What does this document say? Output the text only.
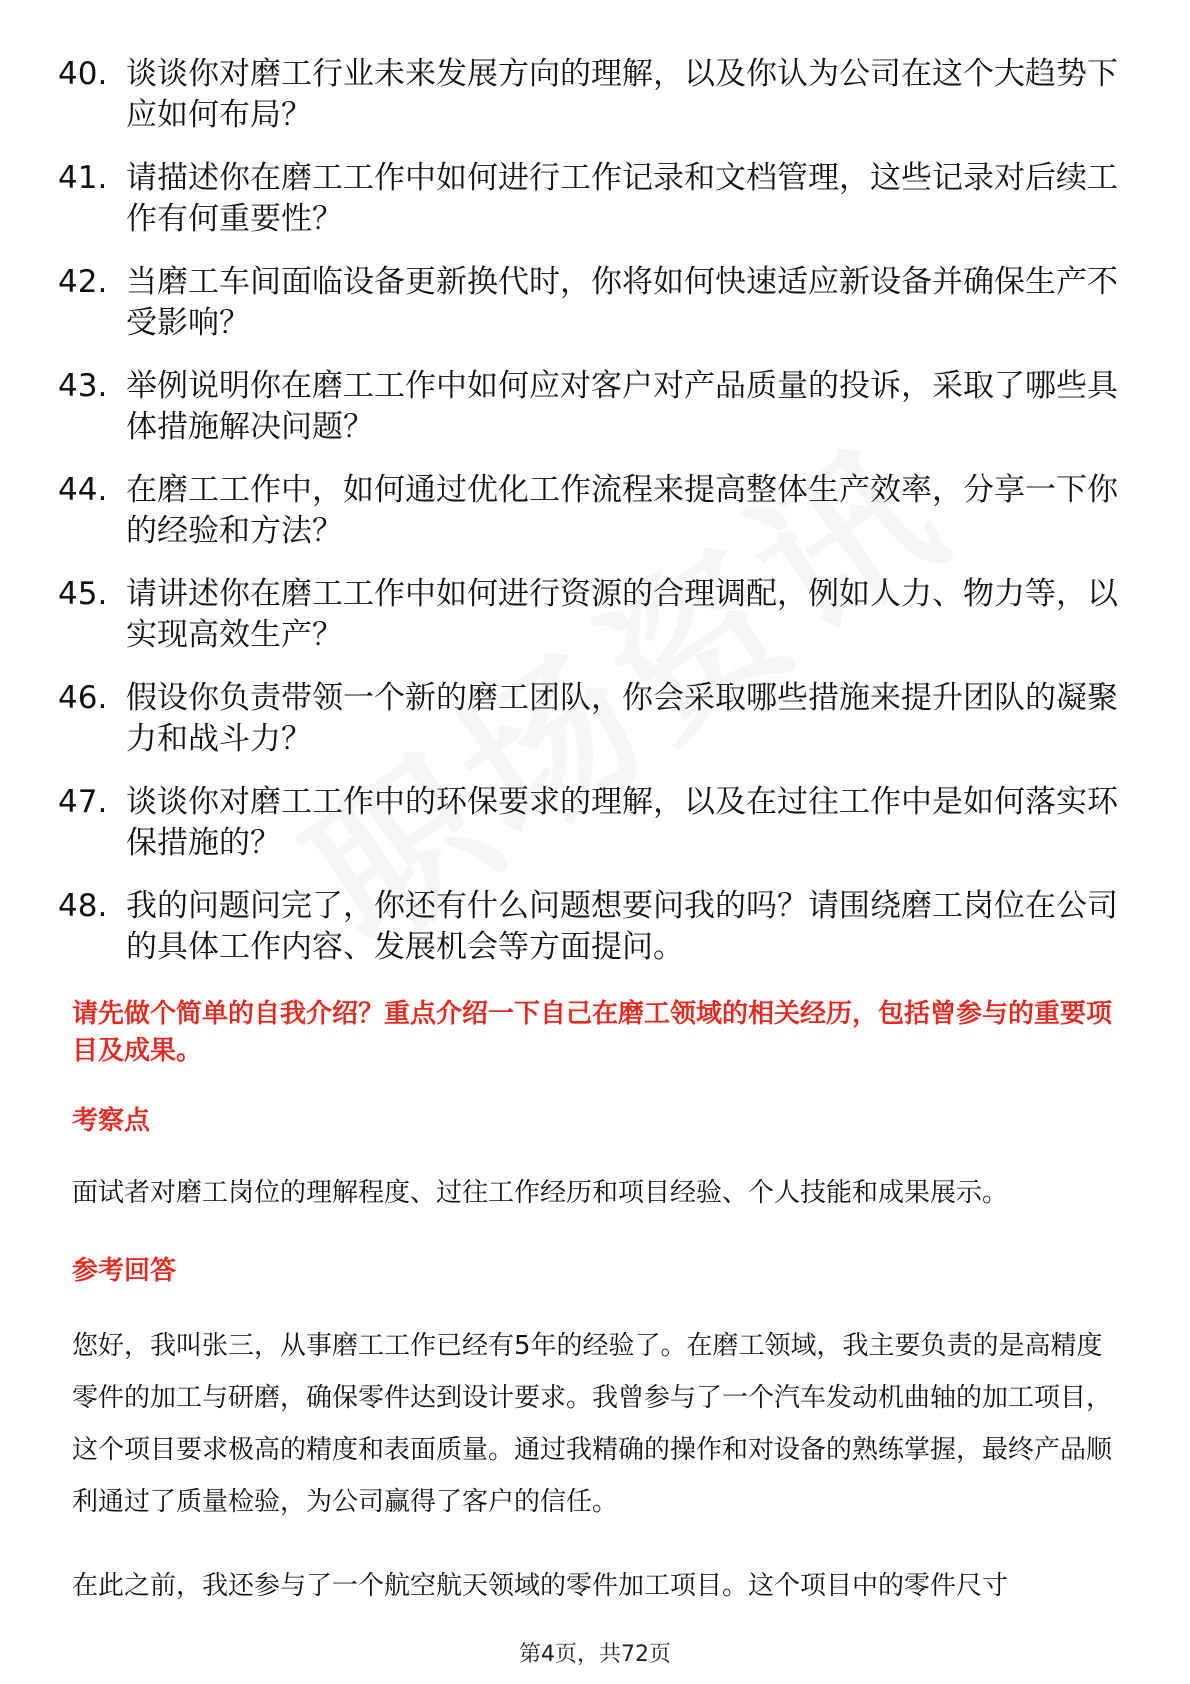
40. 谈谈你对磨工行业未来发展方向的理解，以及你认为公司在这个大趋势下应如何布局？
41. 请描述你在磨工工作中如何进行工作记录和文档管理，这些记录对后续工作有何重要性？
42. 当磨工车间面临设备更新换代时，你将如何快速适应新设备并确保生产不受影响？
43. 举例说明你在磨工工作中如何应对客户对产品质量的投诉，采取了哪些具体措施解决问题？
44. 在磨工工作中，如何通过优化工作流程来提高整体生产效率，分享一下你的经验和方法？
45. 请讲述你在磨工工作中如何进行资源的合理调配，例如人力、物力等，以实现高效生产？
46. 假设你负责带领一个新的磨工团队，你会采取哪些措施来提升团队的凝聚力和战斗力？
47. 谈谈你对磨工工作中的环保要求的理解，以及在过往工作中是如何落实环保措施的？
48. 我的问题问完了，你还有什么问题想要问我的吗？请围绕磨工岗位在公司的具体工作内容、发展机会等方面提问。

请先做个简单的自我介绍？重点介绍一下自己在磨工领域的相关经历，包括曾参与的重要项目及成果。

考察点

面试者对磨工岗位的理解程度、过往工作经历和项目经验、个人技能和成果展示。

参考回答

您好，我叫张三，从事磨工工作已经有5年的经验了。在磨工领域，我主要负责的是高精度零件的加工与研磨，确保零件达到设计要求。我曾参与了一个汽车发动机曲轴的加工项目，这个项目要求极高的精度和表面质量。通过我精确的操作和对设备的熟练掌握，最终产品顺利通过了质量检验，为公司赢得了客户的信任。

在此之前，我还参与了一个航空航天领域的零件加工项目。这个项目中的零件尺寸

第4页，共72页
